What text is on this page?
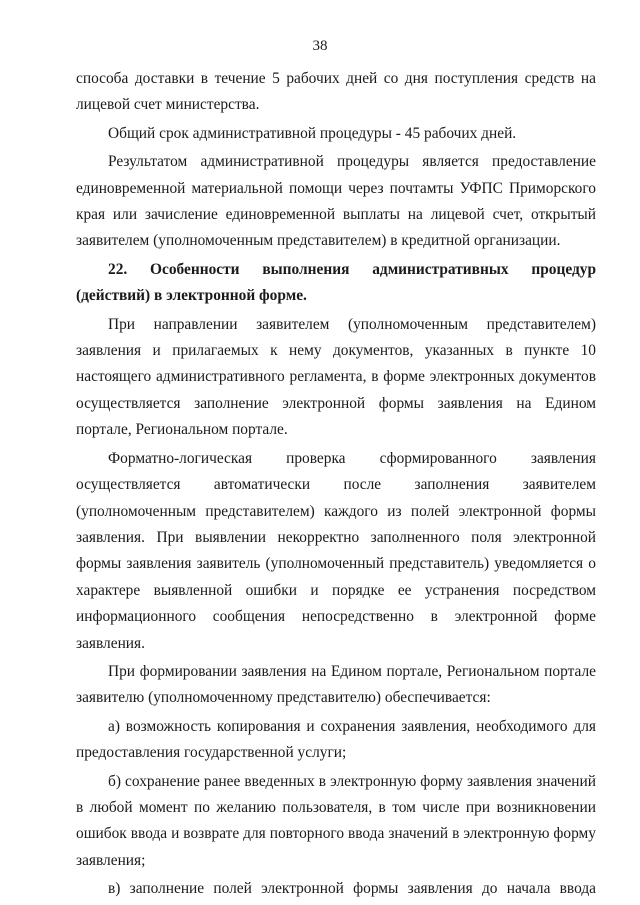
38

способа доставки в течение 5 рабочих дней со дня поступления средств на лицевой счет министерства.

Общий срок административной процедуры - 45 рабочих дней.

Результатом административной процедуры является предоставление единовременной материальной помощи через почтамты УФПС Приморского края или зачисление единовременной выплаты на лицевой счет, открытый заявителем (уполномоченным представителем) в кредитной организации.

22. Особенности выполнения административных процедур (действий) в электронной форме.

При направлении заявителем (уполномоченным представителем) заявления и прилагаемых к нему документов, указанных в пункте 10 настоящего административного регламента, в форме электронных документов осуществляется заполнение электронной формы заявления на Едином портале, Региональном портале.

Форматно-логическая проверка сформированного заявления осуществляется автоматически после заполнения заявителем (уполномоченным представителем) каждого из полей электронной формы заявления. При выявлении некорректно заполненного поля электронной формы заявления заявитель (уполномоченный представитель) уведомляется о характере выявленной ошибки и порядке ее устранения посредством информационного сообщения непосредственно в электронной форме заявления.

При формировании заявления на Едином портале, Региональном портале заявителю (уполномоченному представителю) обеспечивается:

а) возможность копирования и сохранения заявления, необходимого для предоставления государственной услуги;

б) сохранение ранее введенных в электронную форму заявления значений в любой момент по желанию пользователя, в том числе при возникновении ошибок ввода и возврате для повторного ввода значений в электронную форму заявления;

в) заполнение полей электронной формы заявления до начала ввода
